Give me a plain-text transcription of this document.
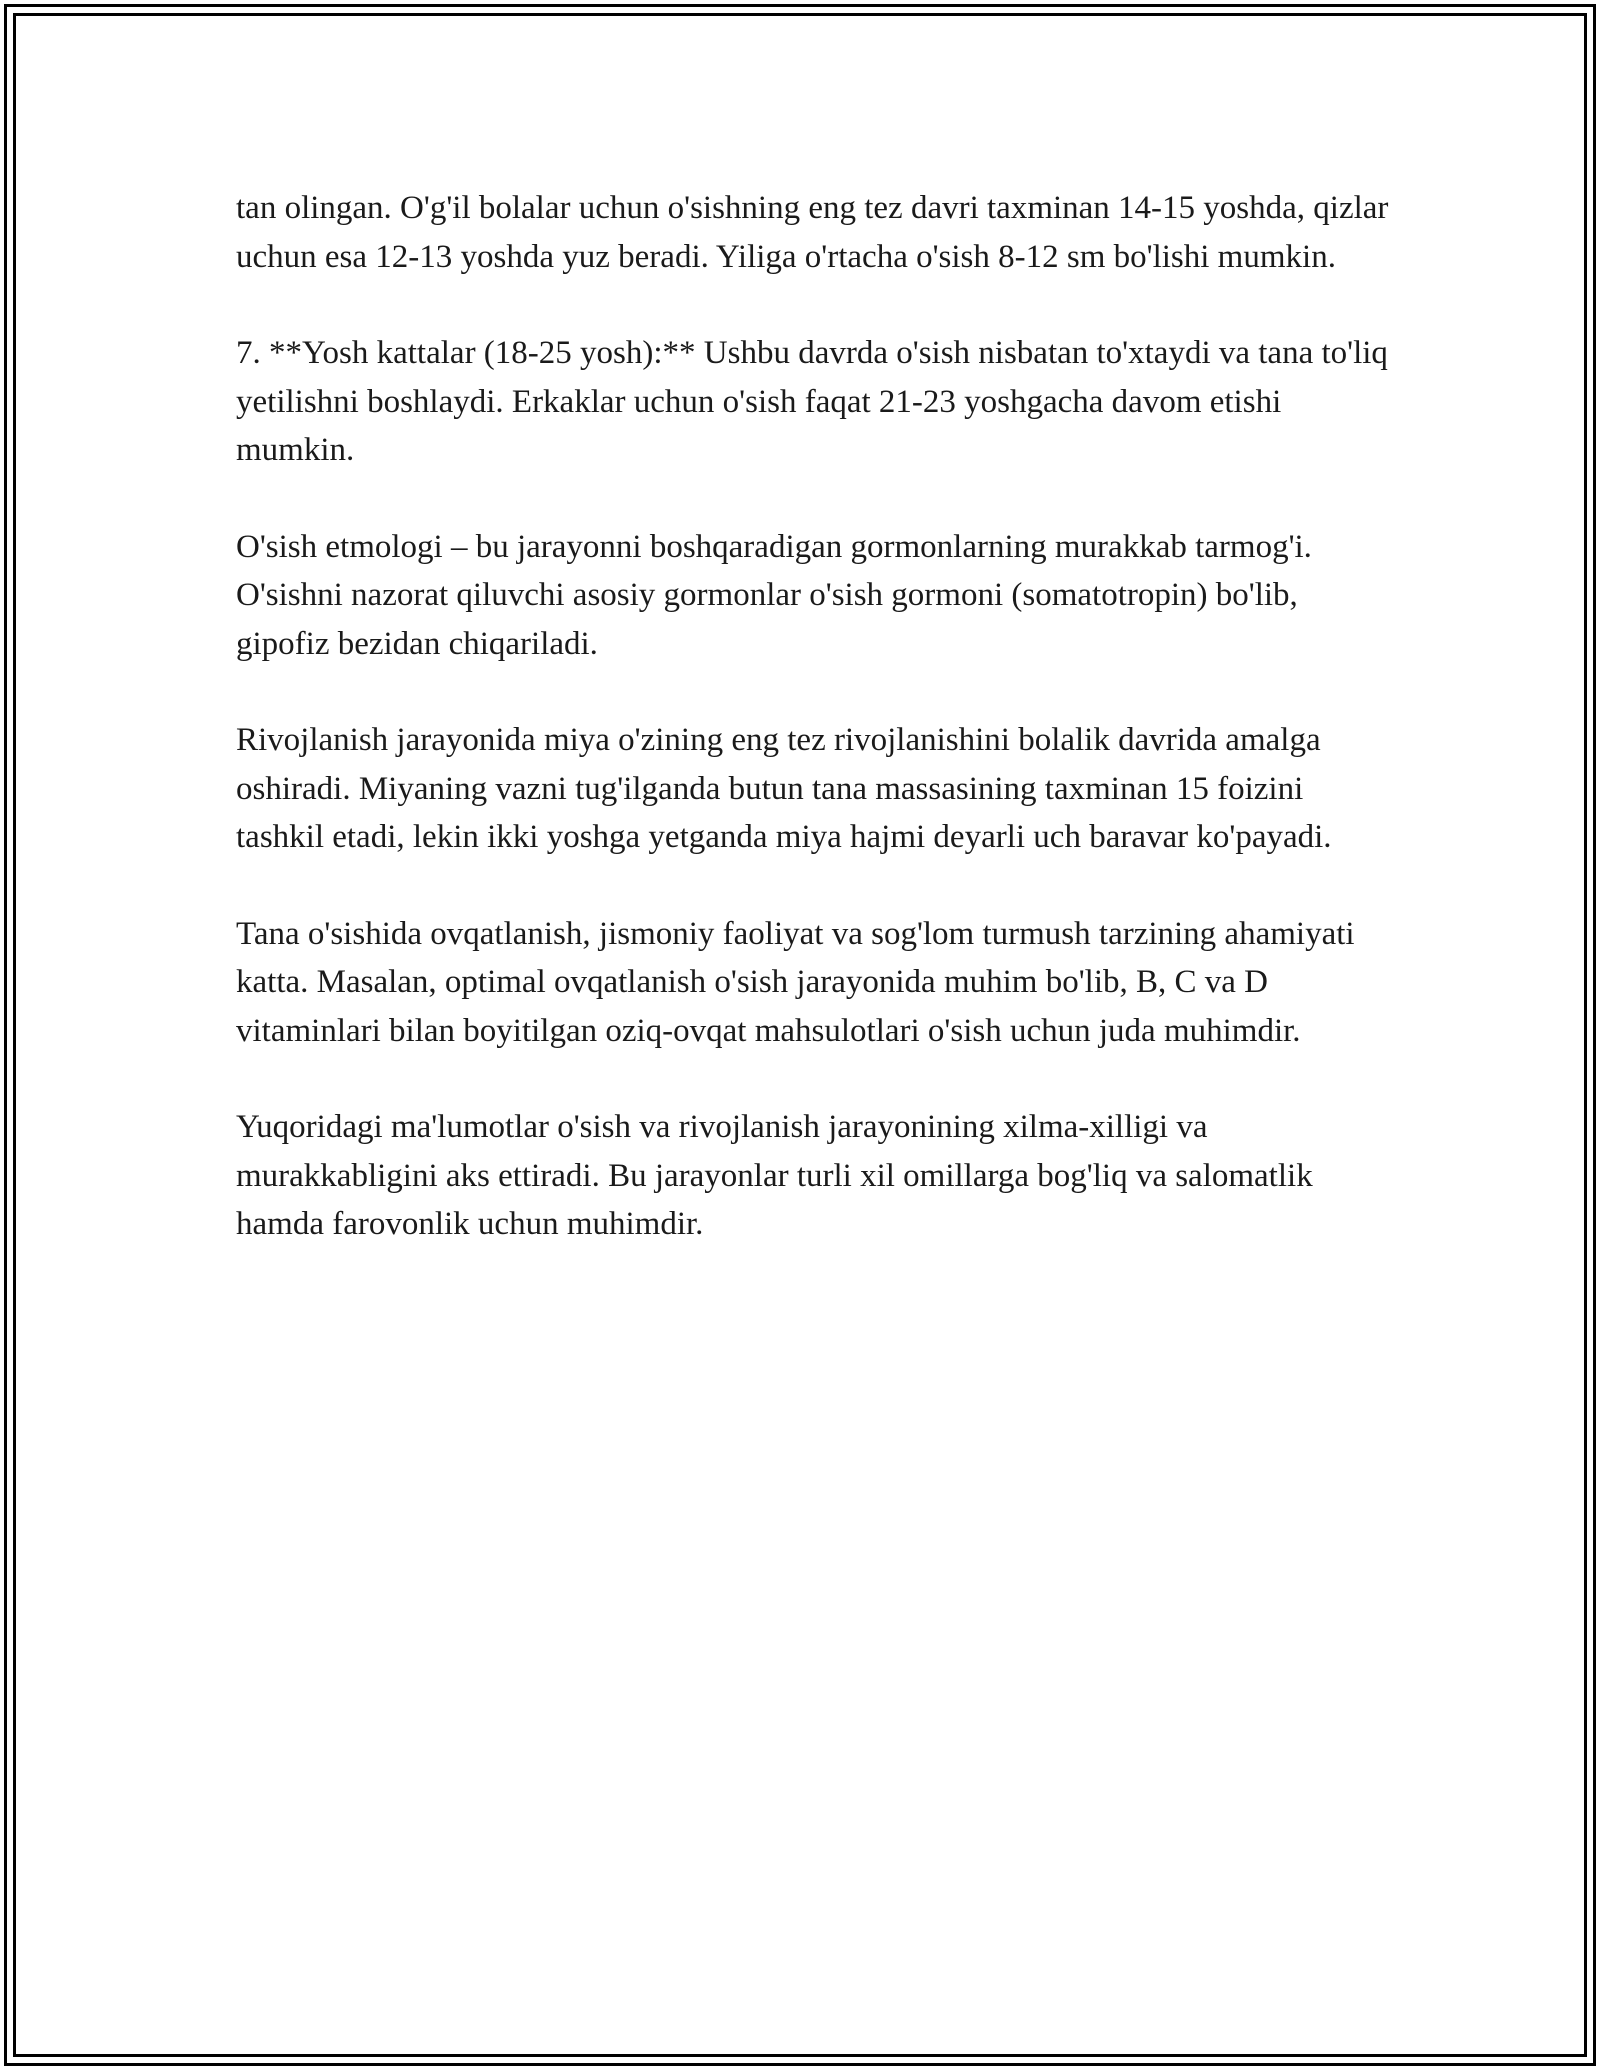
tan olingan. O'g'il bolalar uchun o'sishning eng tez davri taxminan 14-15 yoshda, qizlar uchun esa 12-13 yoshda yuz beradi. Yiliga o'rtacha o'sish 8-12 sm bo'lishi mumkin.

7. **Yosh kattalar (18-25 yosh):** Ushbu davrda o'sish nisbatan to'xtaydi va tana to'liq yetilishni boshlaydi. Erkaklar uchun o'sish faqat 21-23 yoshgacha davom etishi mumkin.

O'sish etmologi – bu jarayonni boshqaradigan gormonlarning murakkab tarmog'i. O'sishni nazorat qiluvchi asosiy gormonlar o'sish gormoni (somatotropin) bo'lib, gipofiz bezidan chiqariladi.

Rivojlanish jarayonida miya o'zining eng tez rivojlanishini bolalik davrida amalga oshiradi. Miyaning vazni tug'ilganda butun tana massasining taxminan 15 foizini tashkil etadi, lekin ikki yoshga yetganda miya hajmi deyarli uch baravar ko'payadi.

Tana o'sishida ovqatlanish, jismoniy faoliyat va sog'lom turmush tarzining ahamiyati katta. Masalan, optimal ovqatlanish o'sish jarayonida muhim bo'lib, B, C va D vitaminlari bilan boyitilgan oziq-ovqat mahsulotlari o'sish uchun juda muhimdir.

Yuqoridagi ma'lumotlar o'sish va rivojlanish jarayonining xilma-xilligi va murakkabligini aks ettiradi. Bu jarayonlar turli xil omillarga bog'liq va salomatlik hamda farovonlik uchun muhimdir.
